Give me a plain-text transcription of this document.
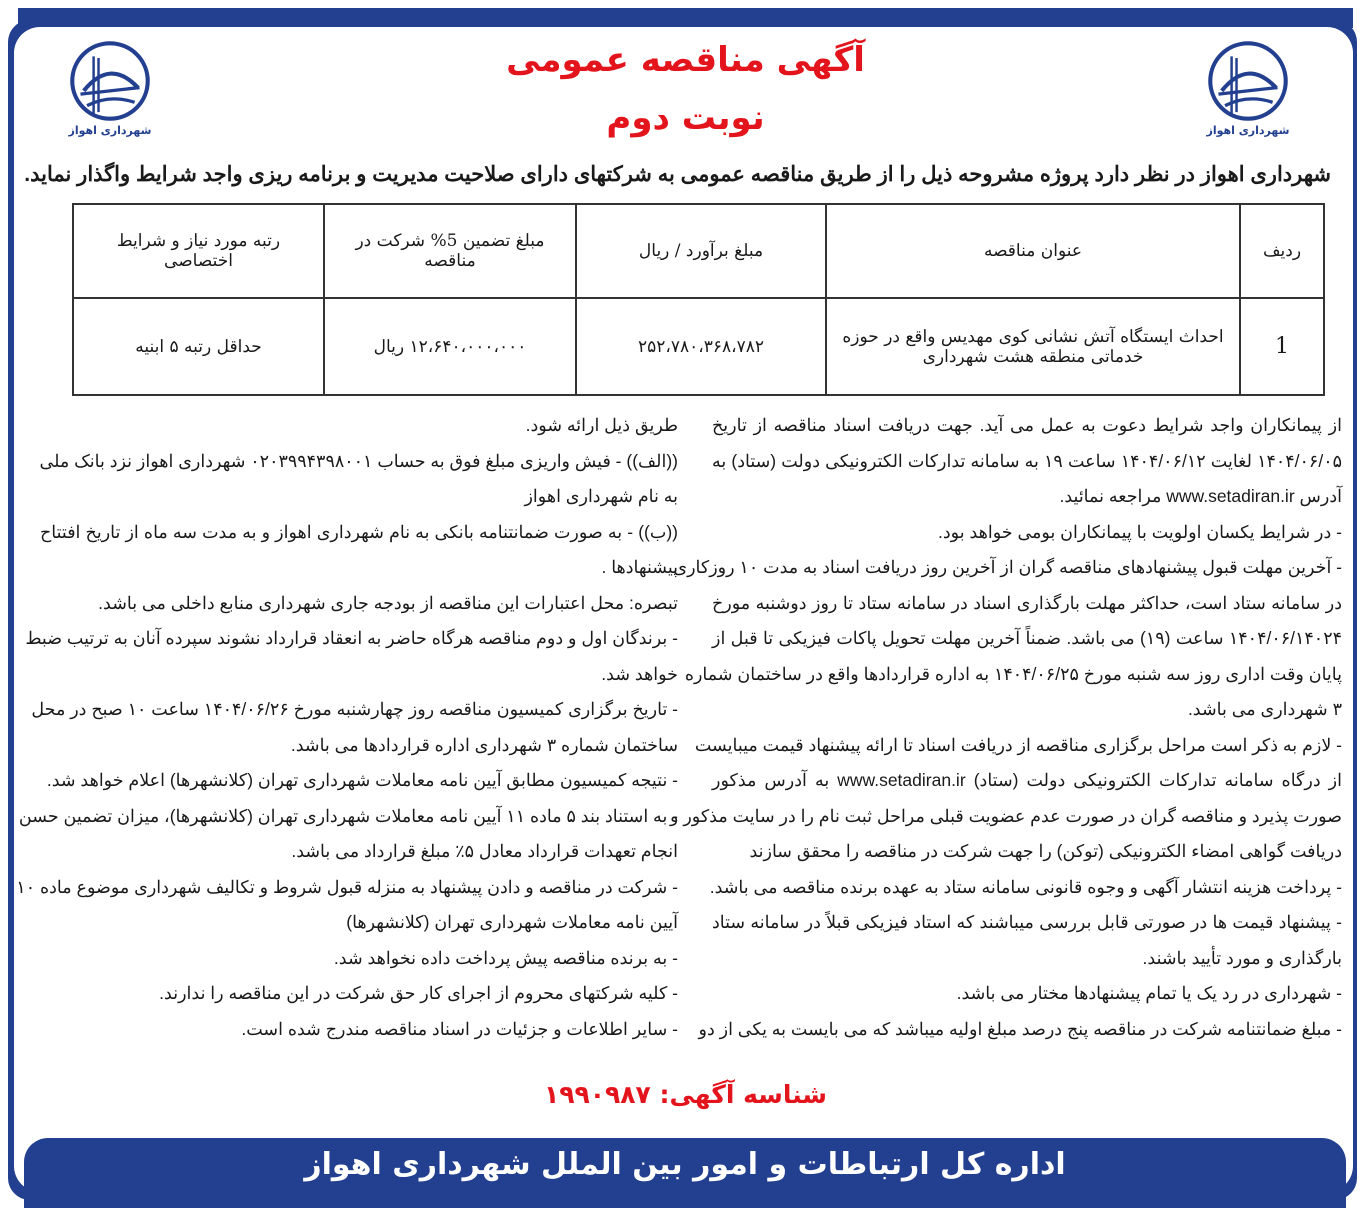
شهرداری اهواز
شهرداری اهواز
آگهی مناقصه عمومی
نوبت دوم
شهرداری اهواز در نظر دارد پروژه مشروحه ذیل را از طریق مناقصه عمومی به شرکتهای دارای صلاحیت مدیریت و برنامه ریزی واجد شرایط واگذار نماید.
ردیف	عنوان مناقصه	مبلغ برآورد / ریال	مبلغ تضمین 5% شرکت در مناقصه	رتبه مورد نیاز و شرایط اختصاصی
1	احداث ایستگاه آتش نشانی کوی مهدیس واقع در حوزه خدماتی منطقه هشت شهرداری	۲۵۲،۷۸۰،۳۶۸،۷۸۲	۱۲،۶۴۰،۰۰۰،۰۰۰ ریال	حداقل رتبه ۵ ابنیه
از پیمانکاران واجد شرایط دعوت به عمل می آید. جهت دریافت اسناد مناقصه از تاریخ
۱۴۰۴/۰۶/۰۵ لغایت ۱۴۰۴/۰۶/۱۲ ساعت ۱۹ به سامانه تدارکات الکترونیکی دولت (ستاد) به
آدرس www.setadiran.ir مراجعه نمائید.
- در شرایط یکسان اولویت با پیمانکاران بومی خواهد بود.
- آخرین مهلت قبول پیشنهادهای مناقصه گران از آخرین روز دریافت اسناد به مدت ۱۰ روزکاری
در سامانه ستاد است، حداکثر مهلت بارگذاری اسناد در سامانه ستاد تا روز دوشنبه مورخ
۱۴۰۴/۰۶/۱۴۰۲۴ ساعت (۱۹) می باشد. ضمناً آخرین مهلت تحویل پاکات فیزیکی تا قبل از
پایان وقت اداری روز سه شنبه مورخ ۱۴۰۴/۰۶/۲۵ به اداره قراردادها واقع در ساختمان شماره
۳ شهرداری می باشد.
- لازم به ذکر است مراحل برگزاری مناقصه از دریافت اسناد تا ارائه پیشنهاد قیمت میبایست
از درگاه سامانه تدارکات الکترونیکی دولت (ستاد) www.setadiran.ir به آدرس مذکور
صورت پذیرد و مناقصه گران در صورت عدم عضویت قبلی مراحل ثبت نام را در سایت مذکور و
دریافت گواهی امضاء الکترونیکی (توکن) را جهت شرکت در مناقصه را محقق سازند
- پرداخت هزینه انتشار آگهی و وجوه قانونی سامانه ستاد به عهده برنده مناقصه می باشد.
- پیشنهاد قیمت ها در صورتی قابل بررسی میباشند که استاد فیزیکی قبلاً در سامانه ستاد
بارگذاری و مورد تأیید باشند.
- شهرداری در رد یک یا تمام پیشنهادها مختار می باشد.
- مبلغ ضمانتنامه شرکت در مناقصه پنج درصد مبلغ اولیه میباشد که می بایست به یکی از دو
طریق ذیل ارائه شود.
((الف)) - فیش واریزی مبلغ فوق به حساب ۰۲۰۳۹۹۴۳۹۸۰۰۱ شهرداری اهواز نزد بانک ملی
به نام شهرداری اهواز
((ب)) - به صورت ضمانتنامه بانکی به نام شهرداری اهواز و به مدت سه ماه از تاریخ افتتاح
پیشنهادها .
تبصره: محل اعتبارات این مناقصه از بودجه جاری شهرداری منابع داخلی می باشد.
- برندگان اول و دوم مناقصه هرگاه حاضر به انعقاد قرارداد نشوند سپرده آنان به ترتیب ضبط
خواهد شد.
- تاریخ برگزاری کمیسیون مناقصه روز چهارشنبه مورخ ۱۴۰۴/۰۶/۲۶ ساعت ۱۰ صبح در محل
ساختمان شماره ۳ شهرداری اداره قراردادها می باشد.
- نتیجه کمیسیون مطابق آیین نامه معاملات شهرداری تهران (کلانشهرها) اعلام خواهد شد.
- به استناد بند ۵ ماده ۱۱ آیین نامه معاملات شهرداری تهران (کلانشهرها)، میزان تضمین حسن
انجام تعهدات قرارداد معادل ۵٪ مبلغ قرارداد می باشد.
- شرکت در مناقصه و دادن پیشنهاد به منزله قبول شروط و تکالیف شهرداری موضوع ماده ۱۰
آیین نامه معاملات شهرداری تهران (کلانشهرها)
- به برنده مناقصه پیش پرداخت داده نخواهد شد.
- کلیه شرکتهای محروم از اجرای کار حق شرکت در این مناقصه را ندارند.
- سایر اطلاعات و جزئیات در اسناد مناقصه مندرج شده است.
شناسه آگهی: ۱۹۹۰۹۸۷
اداره کل ارتباطات و امور بین الملل شهرداری اهواز
